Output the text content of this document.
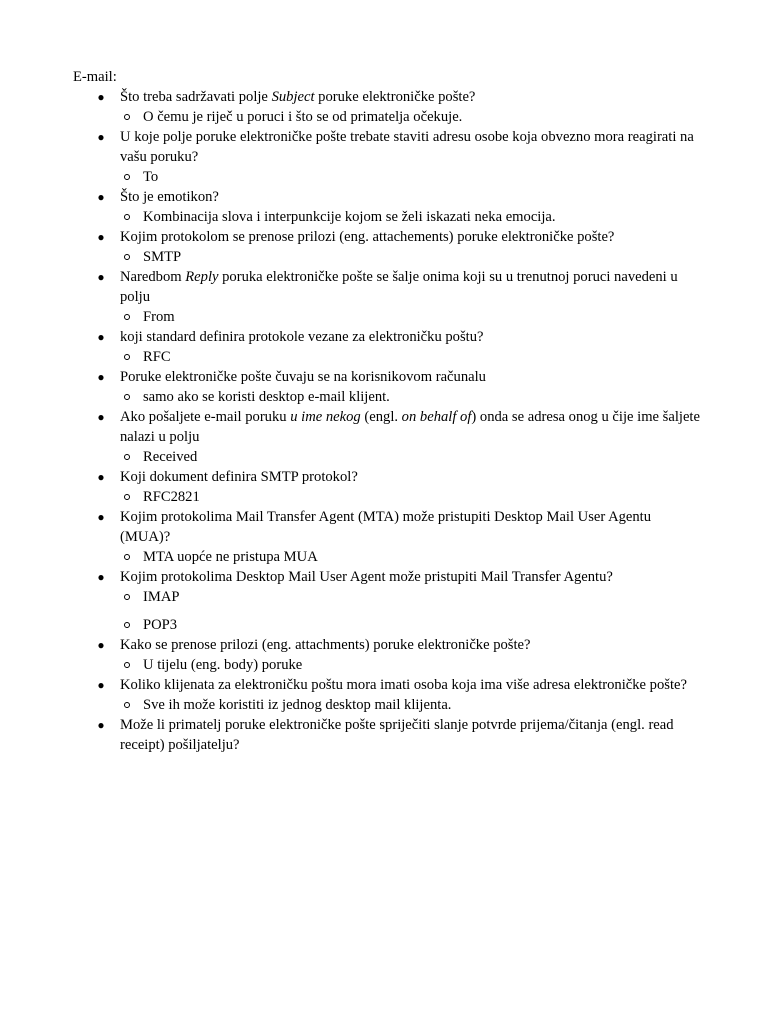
E-mail:
● Što treba sadržavati polje Subject poruke elektroničke pošte?
O čemu je riječ u poruci i što se od primatelja očekuje.
● U koje polje poruke elektroničke pošte trebate staviti adresu osobe koja obvezno mora reagirati na vašu poruku?
To
● Što je emotikon?
Kombinacija slova i interpunkcije kojom se želi iskazati neka emocija.
● Kojim protokolom se prenose prilozi (eng. attachements) poruke elektroničke pošte?
SMTP
● Naredbom Reply poruka elektroničke pošte se šalje onima koji su u trenutnoj poruci navedeni u polju
From
● koji standard definira protokole vezane za elektroničku poštu?
RFC
● Poruke elektroničke pošte čuvaju se na korisnikovom računalu
samo ako se koristi desktop e-mail klijent.
● Ako pošaljete e-mail poruku u ime nekog (engl. on behalf of) onda se adresa onog u čije ime šaljete nalazi u polju
Received
● Koji dokument definira SMTP protokol?
RFC2821
● Kojim protokolima Mail Transfer Agent (MTA) može pristupiti Desktop Mail User Agentu (MUA)?
MTA uopće ne pristupa MUA
● Kojim protokolima Desktop Mail User Agent može pristupiti Mail Transfer Agentu?
IMAP
POP3
● Kako se prenose prilozi (eng. attachments) poruke elektroničke pošte?
U tijelu (eng. body) poruke
● Koliko klijenata za elektroničku poštu mora imati osoba koja ima više adresa elektroničke pošte?
Sve ih može koristiti iz jednog desktop mail klijenta.
● Može li primatelj poruke elektroničke pošte spriječiti slanje potvrde prijema/čitanja (engl. read receipt) pošiljatelju?
